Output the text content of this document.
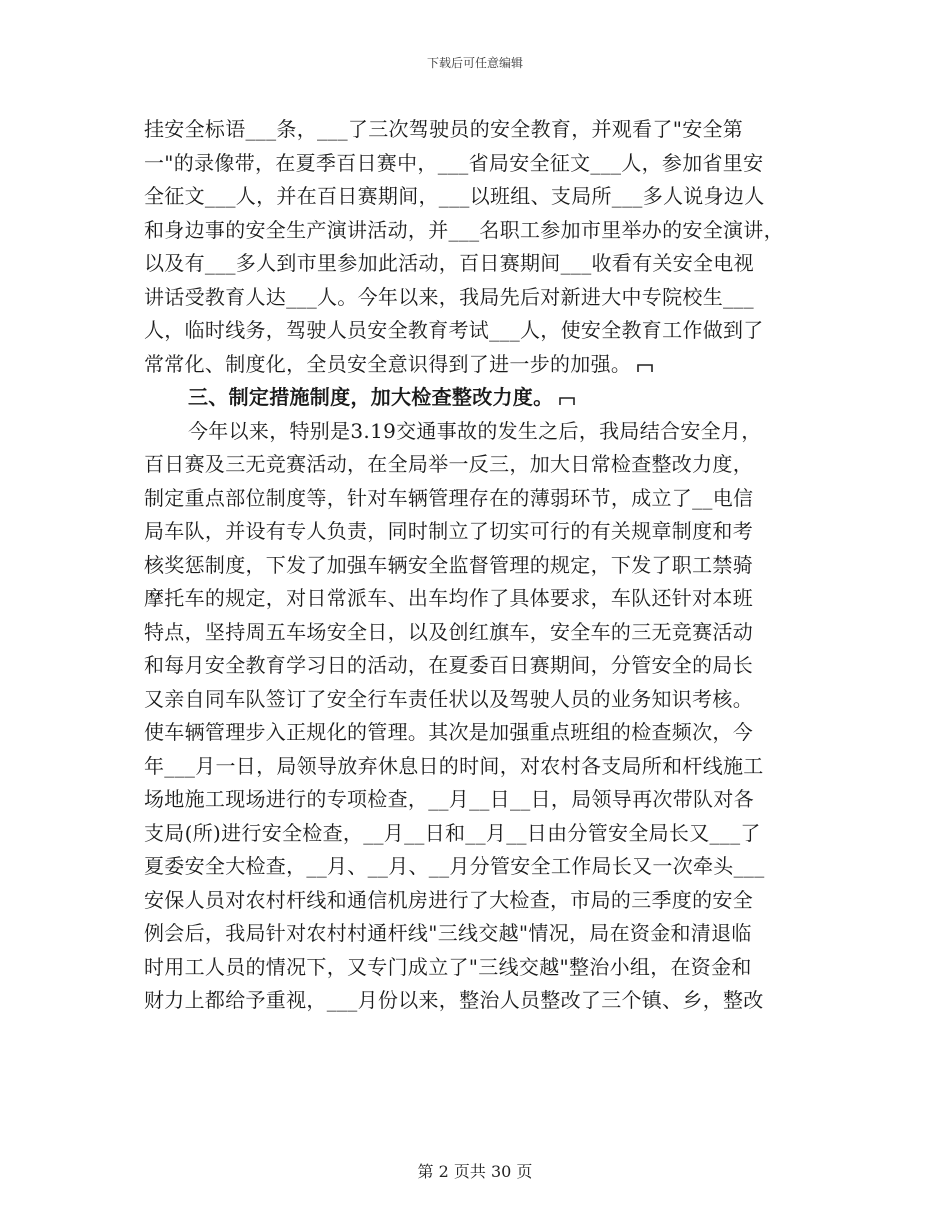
下载后可任意编辑
挂安全标语___条，___了三次驾驶员的安全教育，并观看了"安全第
一"的录像带，在夏季百日赛中，___省局安全征文___人，参加省里安
全征文___人，并在百日赛期间，___以班组、支局所___多人说身边人
和身边事的安全生产演讲活动，并___名职工参加市里举办的安全演讲，
以及有___多人到市里参加此活动，百日赛期间___收看有关安全电视
讲话受教育人达___人。今年以来，我局先后对新进大中专院校生___
人，临时线务，驾驶人员安全教育考试___人，使安全教育工作做到了
常常化、制度化，全员安全意识得到了进一步的加强。
三、制定措施制度，加大检查整改力度。
今年以来，特别是3.19交通事故的发生之后，我局结合安全月，
百日赛及三无竞赛活动，在全局举一反三，加大日常检查整改力度，
制定重点部位制度等，针对车辆管理存在的薄弱环节，成立了__电信
局车队，并设有专人负责，同时制立了切实可行的有关规章制度和考
核奖惩制度，下发了加强车辆安全监督管理的规定，下发了职工禁骑
摩托车的规定，对日常派车、出车均作了具体要求，车队还针对本班
特点，坚持周五车场安全日，以及创红旗车，安全车的三无竞赛活动
和每月安全教育学习日的活动，在夏委百日赛期间，分管安全的局长
又亲自同车队签订了安全行车责任状以及驾驶人员的业务知识考核。
使车辆管理步入正规化的管理。其次是加强重点班组的检查频次，今
年___月一日，局领导放弃休息日的时间，对农村各支局所和杆线施工
场地施工现场进行的专项检查，__月__日__日，局领导再次带队对各
支局(所)进行安全检查，__月__日和__月__日由分管安全局长又___了
夏委安全大检查，__月、__月、__月分管安全工作局长又一次牵头___
安保人员对农村杆线和通信机房进行了大检查，市局的三季度的安全
例会后，我局针对农村村通杆线"三线交越"情况，局在资金和清退临
时用工人员的情况下，又专门成立了"三线交越"整治小组，在资金和
财力上都给予重视，___月份以来，整治人员整改了三个镇、乡，整改
第 2 页共 30 页
